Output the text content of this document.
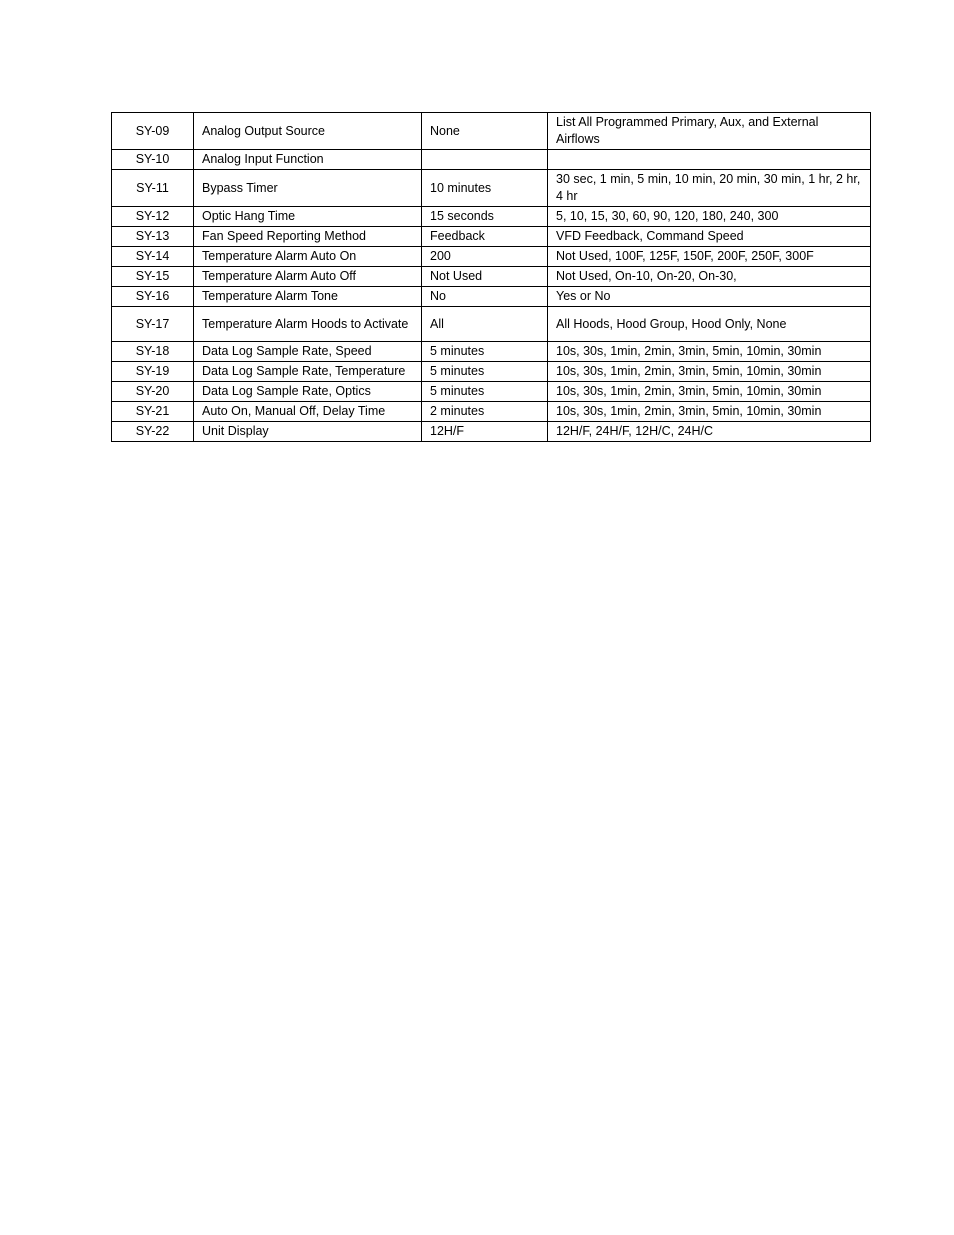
SY-09	Analog Output Source	None	List All Programmed Primary, Aux, and External Airflows
SY-10	Analog Input Function		
SY-11	Bypass Timer	10 minutes	30 sec, 1 min, 5 min, 10 min, 20 min, 30 min, 1 hr, 2 hr, 4 hr
SY-12	Optic Hang Time	15 seconds	5, 10, 15, 30, 60, 90, 120, 180, 240, 300
SY-13	Fan Speed Reporting Method	Feedback	VFD Feedback, Command Speed
SY-14	Temperature Alarm Auto On	200	Not Used, 100F, 125F, 150F, 200F, 250F, 300F
SY-15	Temperature Alarm Auto Off	Not Used	Not Used, On-10, On-20, On-30,
SY-16	Temperature Alarm Tone	No	Yes or No
SY-17	Temperature Alarm Hoods to Activate	All	All Hoods, Hood Group, Hood Only, None
SY-18	Data Log Sample Rate, Speed	5 minutes	10s, 30s, 1min, 2min, 3min, 5min, 10min, 30min
SY-19	Data Log Sample Rate, Temperature	5 minutes	10s, 30s, 1min, 2min, 3min, 5min, 10min, 30min
SY-20	Data Log Sample Rate, Optics	5 minutes	10s, 30s, 1min, 2min, 3min, 5min, 10min, 30min
SY-21	Auto On, Manual Off, Delay Time	2 minutes	10s, 30s, 1min, 2min, 3min, 5min, 10min, 30min
SY-22	Unit Display	12H/F	12H/F, 24H/F, 12H/C, 24H/C
